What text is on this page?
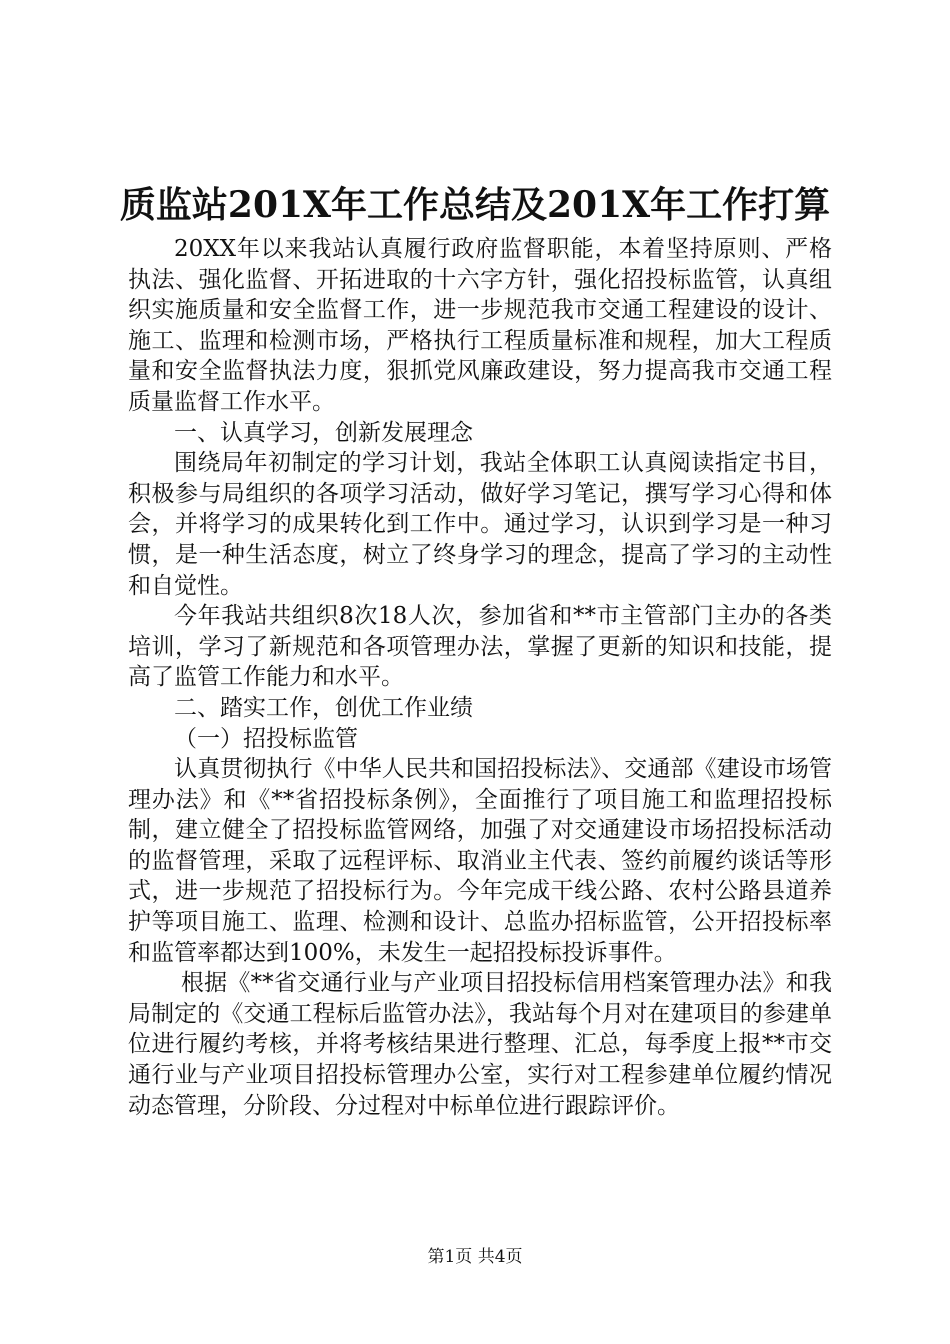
质监站201X年工作总结及201X年工作打算

20XX年以来我站认真履行政府监督职能，本着坚持原则、严格执法、强化监督、开拓进取的十六字方针，强化招投标监管，认真组织实施质量和安全监督工作，进一步规范我市交通工程建设的设计、施工、监理和检测市场，严格执行工程质量标准和规程，加大工程质量和安全监督执法力度，狠抓党风廉政建设，努力提高我市交通工程质量监督工作水平。

一、认真学习，创新发展理念

围绕局年初制定的学习计划，我站全体职工认真阅读指定书目，积极参与局组织的各项学习活动，做好学习笔记，撰写学习心得和体会，并将学习的成果转化到工作中。通过学习，认识到学习是一种习惯，是一种生活态度，树立了终身学习的理念，提高了学习的主动性和自觉性。

今年我站共组织8次18人次，参加省和**市主管部门主办的各类培训，学习了新规范和各项管理办法，掌握了更新的知识和技能，提高了监管工作能力和水平。

二、踏实工作，创优工作业绩

（一）招投标监管

认真贯彻执行《中华人民共和国招投标法》、交通部《建设市场管理办法》和《**省招投标条例》，全面推行了项目施工和监理招投标制，建立健全了招投标监管网络，加强了对交通建设市场招投标活动的监督管理，采取了远程评标、取消业主代表、签约前履约谈话等形式，进一步规范了招投标行为。今年完成干线公路、农村公路县道养护等项目施工、监理、检测和设计、总监办招标监管，公开招投标率和监管率都达到100%，未发生一起招投标投诉事件。

根据《**省交通行业与产业项目招投标信用档案管理办法》和我局制定的《交通工程标后监管办法》，我站每个月对在建项目的参建单位进行履约考核，并将考核结果进行整理、汇总，每季度上报**市交通行业与产业项目招投标管理办公室，实行对工程参建单位履约情况动态管理，分阶段、分过程对中标单位进行跟踪评价。

第1页 共4页
